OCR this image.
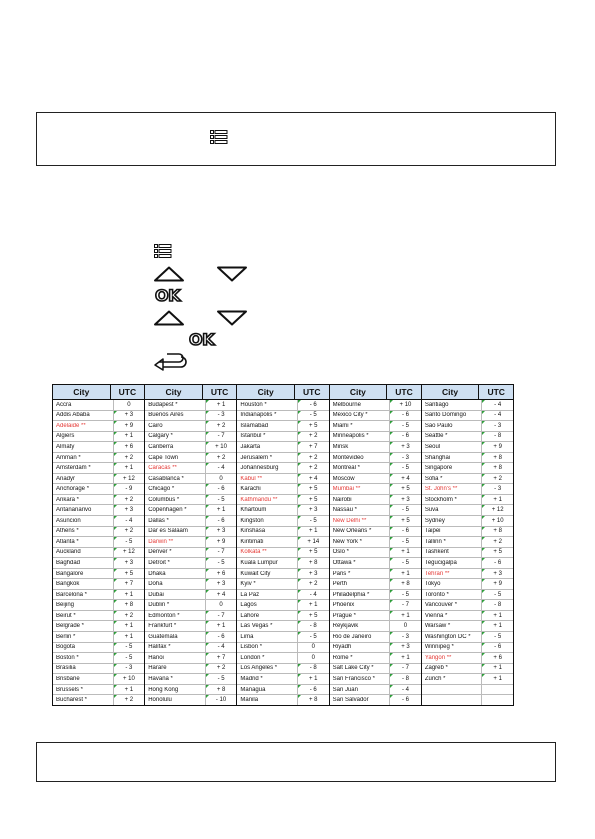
OK
OK
City	UTC
Accra	0
Addis Ababa	+ 3
Adelaide **	+ 9
Algiers	+ 1
Almaty	+ 6
Amman *	+ 2
Amsterdam *	+ 1
Anadyr	+ 12
Anchorage *	- 9
Ankara *	+ 2
Antananarivo	+ 3
Asuncion	- 4
Athens *	+ 2
Atlanta *	- 5
Auckland	+ 12
Baghdad	+ 3
Bangalore	+ 5
Bangkok	+ 7
Barcelona *	+ 1
Beijing	+ 8
Beirut *	+ 2
Belgrade *	+ 1
Berlin *	+ 1
Bogota	- 5
Boston *	- 5
Brasilia	- 3
Brisbane	+ 10
Brussels *	+ 1
Bucharest *	+ 2
City	UTC
Budapest *	+ 1
Buenos Aires	- 3
Cairo	+ 2
Calgary *	- 7
Canberra	+ 10
Cape Town	+ 2
Caracas **	- 4
Casablanca *	0
Chicago *	- 6
Columbus *	- 5
Copenhagen *	+ 1
Dallas *	- 6
Dar es Salaam	+ 3
Darwin **	+ 9
Denver *	- 7
Detroit *	- 5
Dhaka	+ 6
Doha	+ 3
Dubai	+ 4
Dublin *	0
Edmonton *	- 7
Frankfurt *	+ 1
Guatemala	- 6
Halifax *	- 4
Hanoi	+ 7
Harare	+ 2
Havana *	- 5
Hong Kong	+ 8
Honolulu	- 10
City	UTC
Houston *	- 6
Indianapolis *	- 5
Islamabad	+ 5
Istanbul *	+ 2
Jakarta	+ 7
Jerusalem *	+ 2
Johannesburg	+ 2
Kabul **	+ 4
Karachi	+ 5
Kathmandu **	+ 5
Khartoum	+ 3
Kingston	- 5
Kinshasa	+ 1
Kiritimati	+ 14
Kolkata **	+ 5
Kuala Lumpur	+ 8
Kuwait City	+ 3
Kyiv *	+ 2
La Paz	- 4
Lagos	+ 1
Lahore	+ 5
Las Vegas *	- 8
Lima	- 5
Lisbon *	0
London *	0
Los Angeles *	- 8
Madrid *	+ 1
Managua	- 6
Manila	+ 8
City	UTC
Melbourne	+ 10
Mexico City *	- 6
Miami *	- 5
Minneapolis *	- 6
Minsk	+ 3
Montevideo	- 3
Montreal *	- 5
Moscow	+ 4
Mumbai **	+ 5
Nairobi	+ 3
Nassau *	- 5
New Delhi **	+ 5
New Orleans *	- 6
New York *	- 5
Oslo *	+ 1
Ottawa *	- 5
Paris *	+ 1
Perth	+ 8
Philadelphia *	- 5
Phoenix	- 7
Prague *	+ 1
Reykjavik	0
Rio de Janeiro	- 3
Riyadh	+ 3
Rome *	+ 1
Salt Lake City *	- 7
San Francisco *	- 8
San Juan	- 4
San Salvador	- 6
City	UTC
Santiago	- 4
Santo Domingo	- 4
São Paulo	- 3
Seattle *	- 8
Seoul	+ 9
Shanghai	+ 8
Singapore	+ 8
Sofia *	+ 2
St. John's **	- 3
Stockholm *	+ 1
Suva	+ 12
Sydney	+ 10
Taipei	+ 8
Tallinn *	+ 2
Tashkent	+ 5
Tegucigalpa	- 6
Tehran **	+ 3
Tokyo	+ 9
Toronto *	- 5
Vancouver *	- 8
Vienna *	+ 1
Warsaw *	+ 1
Washington DC *	- 5
Winnipeg *	- 6
Yangon **	+ 6
Zagreb *	+ 1
Zürich *	+ 1
